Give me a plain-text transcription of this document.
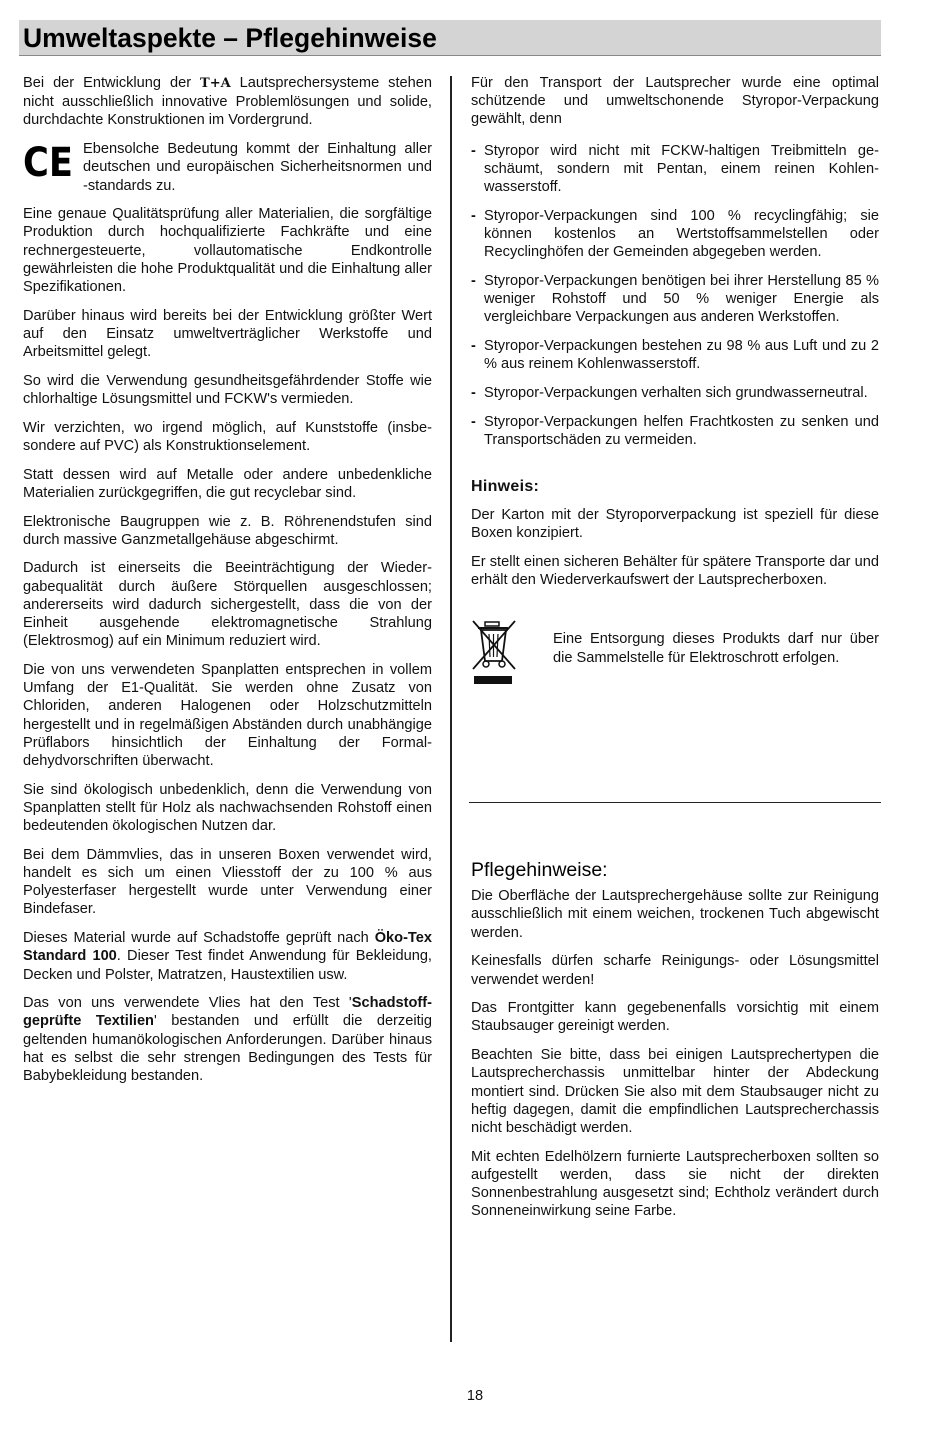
Umweltaspekte – Pflegehinweise

Bei der Entwicklung der T+A Lautsprechersysteme stehen nicht ausschließlich innovative Problemlösungen und solide, durchdachte Konstruktionen im Vordergrund.

CE Ebensolche Bedeutung kommt der Einhaltung aller deutschen und europäischen Sicherheitsnormen und -standards zu.

Eine genaue Qualitätsprüfung aller Materialien, die sorgfältige Produktion durch hochqualifizierte Fachkräfte und eine rechnergesteuerte, vollautomatische Endkontrolle gewährleisten die hohe Produktqualität und die Einhaltung aller Spezifikationen.

Darüber hinaus wird bereits bei der Entwicklung größter Wert auf den Einsatz umweltverträglicher Werkstoffe und Arbeitsmittel gelegt.

So wird die Verwendung gesundheitsgefährdender Stoffe wie chlorhaltige Lösungsmittel und FCKW's vermieden.

Wir verzichten, wo irgend möglich, auf Kunststoffe (insbesondere auf PVC) als Konstruktionselement.

Statt dessen wird auf Metalle oder andere unbedenkliche Materialien zurückgegriffen, die gut recyclebar sind.

Elektronische Baugruppen wie z. B. Röhrenendstufen sind durch massive Ganzmetallgehäuse abgeschirmt.

Dadurch ist einerseits die Beeinträchtigung der Wiedergabequalität durch äußere Störquellen ausgeschlossen; andererseits wird dadurch sichergestellt, dass die von der Einheit ausgehende elektromagnetische Strahlung (Elektrosmog) auf ein Minimum reduziert wird.

Die von uns verwendeten Spanplatten entsprechen in vollem Umfang der E1-Qualität. Sie werden ohne Zusatz von Chloriden, anderen Halogenen oder Holzschutzmitteln hergestellt und in regelmäßigen Abständen durch unabhängige Prüflabors hinsichtlich der Einhaltung der Formaldehydvorschriften überwacht.

Sie sind ökologisch unbedenklich, denn die Verwendung von Spanplatten stellt für Holz als nachwachsenden Rohstoff einen bedeutenden ökologischen Nutzen dar.

Bei dem Dämmvlies, das in unseren Boxen verwendet wird, handelt es sich um einen Vliesstoff der zu 100 % aus Polyesterfaser hergestellt wurde unter Verwendung einer Bindefaser.

Dieses Material wurde auf Schadstoffe geprüft nach Öko-Tex Standard 100. Dieser Test findet Anwendung für Bekleidung, Decken und Polster, Matratzen, Haustextilien usw.

Das von uns verwendete Vlies hat den Test 'Schadstoffgeprüfte Textilien' bestanden und erfüllt die derzeitig geltenden humanökologischen Anforderungen. Darüber hinaus hat es selbst die sehr strengen Bedingungen des Tests für Babybekleidung bestanden.

Für den Transport der Lautsprecher wurde eine optimal schützende und umweltschonende Styropor-Verpackung gewählt, denn

- Styropor wird nicht mit FCKW-haltigen Treibmitteln geschäumt, sondern mit Pentan, einem reinen Kohlenwasserstoff.
- Styropor-Verpackungen sind 100 % recyclingfähig; sie können kostenlos an Wertstoffsammelstellen oder Recyclinghöfen der Gemeinden abgegeben werden.
- Styropor-Verpackungen benötigen bei ihrer Herstellung 85 % weniger Rohstoff und 50 % weniger Energie als vergleichbare Verpackungen aus anderen Werkstoffen.
- Styropor-Verpackungen bestehen zu 98 % aus Luft und zu 2 % aus reinem Kohlenwasserstoff.
- Styropor-Verpackungen verhalten sich grundwasserneutral.
- Styropor-Verpackungen helfen Frachtkosten zu senken und Transportschäden zu vermeiden.
Hinweis:

Der Karton mit der Styroporverpackung ist speziell für diese Boxen konzipiert.

Er stellt einen sicheren Behälter für spätere Transporte dar und erhält den Wiederverkaufswert der Lautsprecherboxen.

Eine Entsorgung dieses Produkts darf nur über die Sammelstelle für Elektroschrott erfolgen.

Pflegehinweise:

Die Oberfläche der Lautsprechergehäuse sollte zur Reinigung ausschließlich mit einem weichen, trockenen Tuch abgewischt werden.

Keinesfalls dürfen scharfe Reinigungs- oder Lösungsmittel verwendet werden!

Das Frontgitter kann gegebenenfalls vorsichtig mit einem Staubsauger gereinigt werden.

Beachten Sie bitte, dass bei einigen Lautsprechertypen die Lautsprecherchassis unmittelbar hinter der Abdeckung montiert sind. Drücken Sie also mit dem Staubsauger nicht zu heftig dagegen, damit die empfindlichen Lautsprecherchassis nicht beschädigt werden.

Mit echten Edelhölzern furnierte Lautsprecherboxen sollten so aufgestellt werden, dass sie nicht der direkten Sonnenbestrahlung ausgesetzt sind; Echtholz verändert durch Sonneneinwirkung seine Farbe.

18
